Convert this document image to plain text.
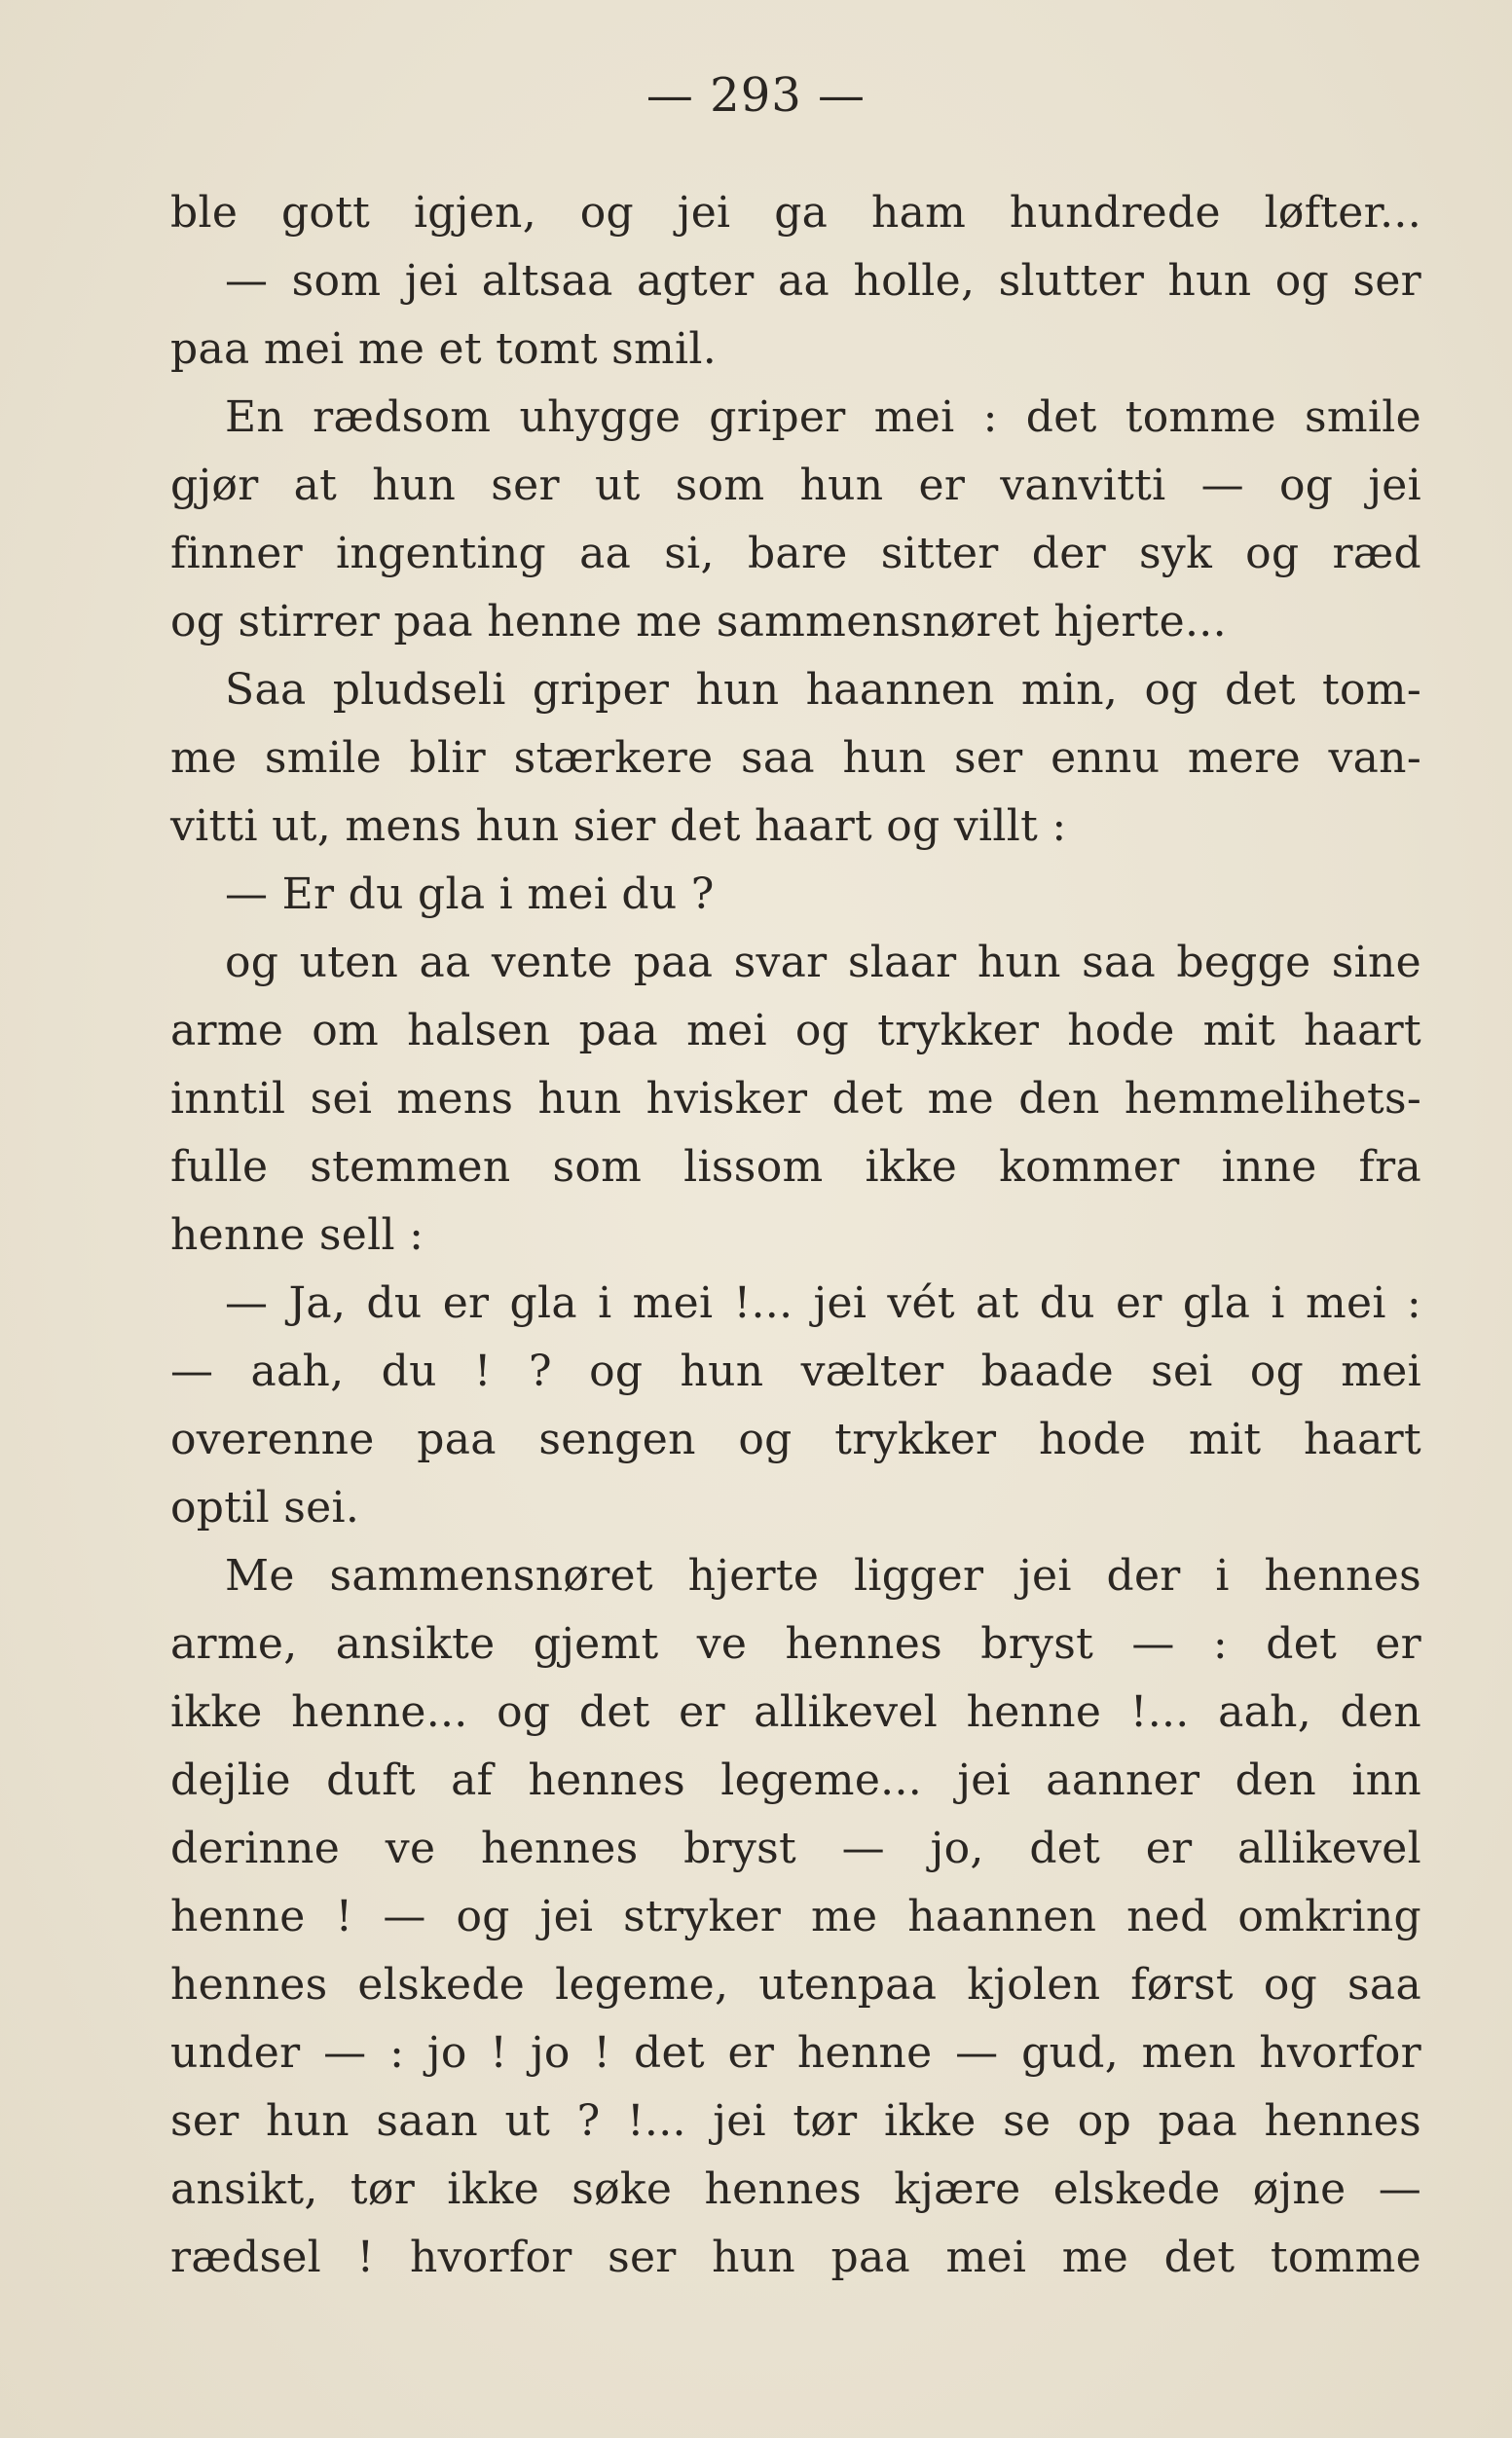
— 293 —
ble gott igjen, og jei ga ham hundrede løfter...
— som jei altsaa agter aa holle, slutter hun og ser
paa mei me et tomt smil.
En rædsom uhygge griper mei : det tomme smile
gjør at hun ser ut som hun er vanvitti — og jei
finner ingenting aa si, bare sitter der syk og ræd
og stirrer paa henne me sammensnøret hjerte...
Saa pludseli griper hun haannen min, og det tom-
me smile blir stærkere saa hun ser ennu mere van-
vitti ut, mens hun sier det haart og villt :
— Er du gla i mei du ?
og uten aa vente paa svar slaar hun saa begge sine
arme om halsen paa mei og trykker hode mit haart
inntil sei mens hun hvisker det me den hemmelihets-
fulle stemmen som lissom ikke kommer inne fra
henne sell :
— Ja, du er gla i mei !... jei vét at du er gla i mei :
— aah, du ! ? og hun vælter baade sei og mei
overenne paa sengen og trykker hode mit haart
optil sei.
Me sammensnøret hjerte ligger jei der i hennes
arme, ansikte gjemt ve hennes bryst — : det er
ikke henne... og det er allikevel henne !... aah, den
dejlie duft af hennes legeme... jei aanner den inn
derinne ve hennes bryst — jo, det er allikevel
henne ! — og jei stryker me haannen ned omkring
hennes elskede legeme, utenpaa kjolen først og saa
under — : jo ! jo ! det er henne — gud, men hvorfor
ser hun saan ut ? !... jei tør ikke se op paa hennes
ansikt, tør ikke søke hennes kjære elskede øjne —
rædsel ! hvorfor ser hun paa mei me det tomme
